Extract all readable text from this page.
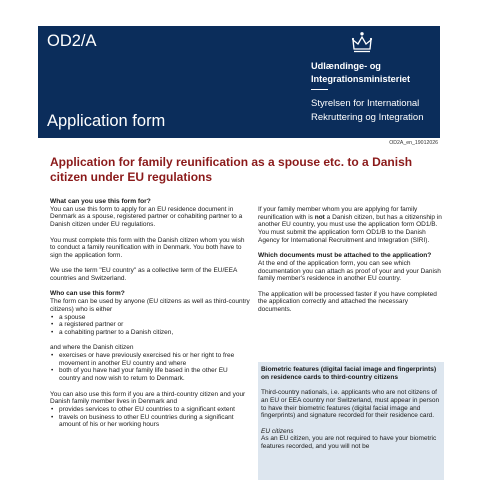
OD2/A
Application form
Udlændinge- og
Integrationsministeriet
Styrelsen for International
Rekruttering og Integration
OD2A_en_19012026
Application for family reunification as a spouse etc. to a Danish citizen under EU regulations
What can you use this form for?

You can use this form to apply for an EU residence document in Denmark as a spouse, registered partner or cohabiting partner to a Danish citizen under EU regulations.

You must complete this form with the Danish citizen whom you wish to conduct a family reunification with in Denmark. You both have to sign the application form.

We use the term "EU country" as a collective term of the EU/EEA countries and Switzerland.

Who can use this form?

The form can be used by anyone (EU citizens as well as third-country citizens) who is either

• a spouse
• a registered partner or
• a cohabiting partner to a Danish citizen,

and where the Danish citizen

• exercises or have previously exercised his or her right to free movement in another EU country and where
• both of you have had your family life based in the other EU country and now wish to return to Denmark.

You can also use this form if you are a third-country citizen and your Danish family member lives in Denmark and

• provides services to other EU countries to a significant extent
• travels on business to other EU countries during a significant amount of his or her working hours

If your family member whom you are applying for family reunification with is not a Danish citizen, but has a citizenship in another EU country, you must use the application form OD1/B. You must submit the application form OD1/B to the Danish Agency for International Recruitment and Integration (SIRI).

Which documents must be attached to the application?

At the end of the application form, you can see which documentation you can attach as proof of your and your Danish family member's residence in another EU country.

The application will be processed faster if you have completed the application correctly and attached the necessary documents.

Biometric features (digital facial image and fingerprints) on residence cards to third-country citizens

Third-country nationals, i.e. applicants who are not citizens of an EU or EEA country nor Switzerland, must appear in person to have their biometric features (digital facial image and fingerprints) and signature recorded for their residence card.

EU citizens

As an EU citizen, you are not required to have your biometric features recorded, and you will not be
